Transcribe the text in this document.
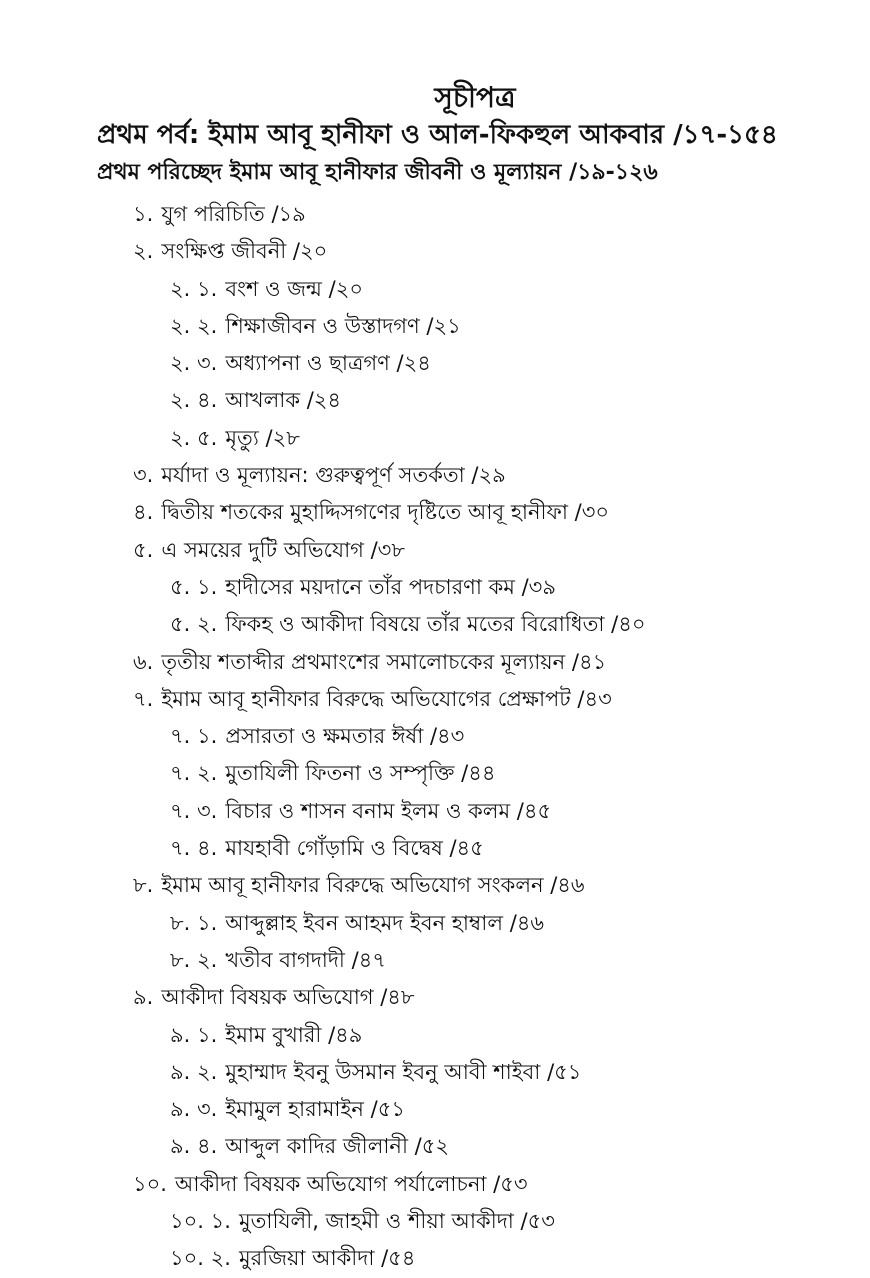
সূচীপত্র
প্রথম পর্ব: ইমাম আবূ হানীফা ও আল-ফিকহুল আকবার /১৭-১৫৪
প্রথম পরিচ্ছেদ ইমাম আবূ হানীফার জীবনী ও মূল্যায়ন /১৯-১২৬
১. যুগ পরিচিতি /১৯
২. সংক্ষিপ্ত জীবনী /২০
২. ১. বংশ ও জন্ম /২০
২. ২. শিক্ষাজীবন ও উস্তাদগণ /২১
২. ৩. অধ্যাপনা ও ছাত্রগণ /২৪
২. ৪. আখলাক /২৪
২. ৫. মৃত্যু /২৮
৩. মর্যাদা ও মূল্যায়ন: গুরুত্বপূর্ণ সতর্কতা /২৯
৪. দ্বিতীয় শতকের মুহাদ্দিসগণের দৃষ্টিতে আবূ হানীফা /৩০
৫. এ সময়ের দুটি অভিযোগ /৩৮
৫. ১. হাদীসের ময়দানে তাঁর পদচারণা কম /৩৯
৫. ২. ফিকহ ও আকীদা বিষয়ে তাঁর মতের বিরোধিতা /৪০
৬. তৃতীয় শতাব্দীর প্রথমাংশের সমালোচকের মূল্যায়ন /৪১
৭. ইমাম আবূ হানীফার বিরুদ্ধে অভিযোগের প্রেক্ষাপট /৪৩
৭. ১. প্রসারতা ও ক্ষমতার ঈর্ষা /৪৩
৭. ২. মুতাযিলী ফিতনা ও সম্পৃক্তি /৪৪
৭. ৩. বিচার ও শাসন বনাম ইলম ও কলম /৪৫
৭. ৪. মাযহাবী গোঁড়ামি ও বিদ্বেষ /৪৫
৮. ইমাম আবূ হানীফার বিরুদ্ধে অভিযোগ সংকলন /৪৬
৮. ১. আব্দুল্লাহ ইবন আহমদ ইবন হাম্বাল /৪৬
৮. ২. খতীব বাগদাদী /৪৭
৯. আকীদা বিষয়ক অভিযোগ /৪৮
৯. ১. ইমাম বুখারী /৪৯
৯. ২. মুহাম্মাদ ইবনু উসমান ইবনু আবী শাইবা /৫১
৯. ৩. ইমামুল হারামাইন /৫১
৯. ৪. আব্দুল কাদির জীলানী /৫২
১০. আকীদা বিষয়ক অভিযোগ পর্যালোচনা /৫৩
১০. ১. মুতাযিলী, জাহমী ও শীয়া আকীদা /৫৩
১০. ২. মুরজিয়া আকীদা /৫৪
